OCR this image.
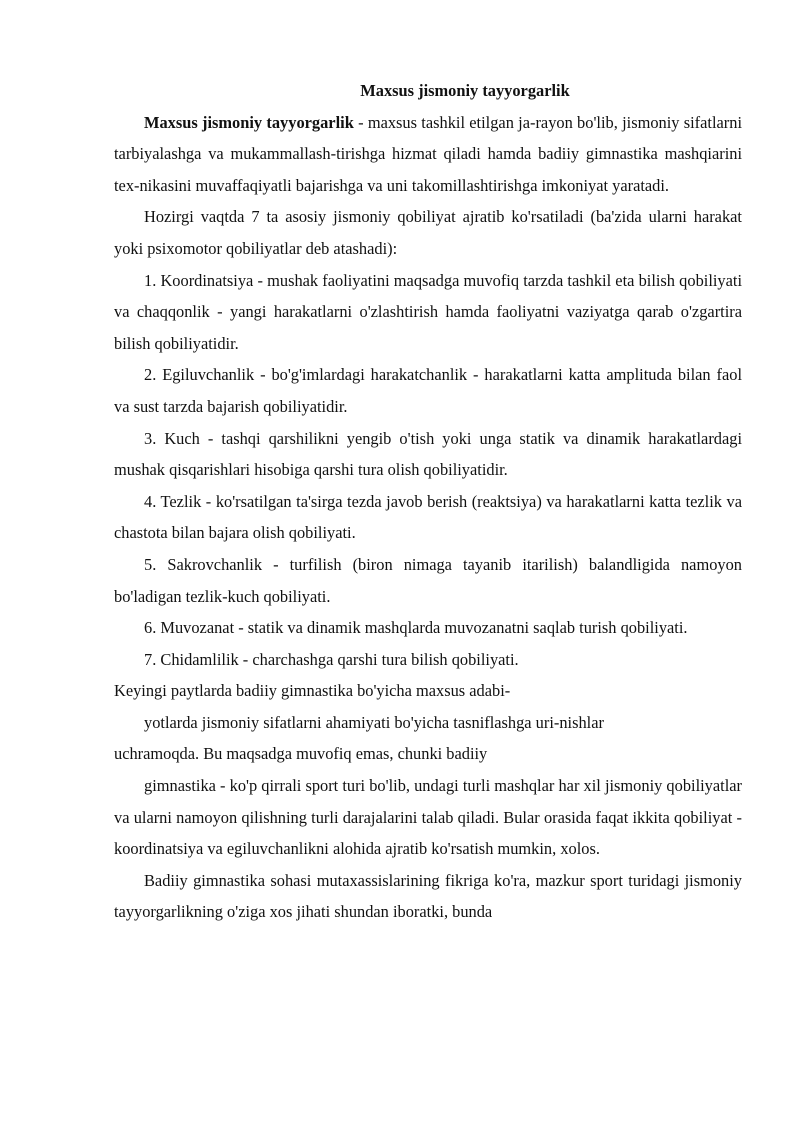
Maxsus jismoniy tayyorgarlik

Maxsus jismoniy tayyorgarlik - maxsus tashkil etilgan ja-rayon bo'lib, jismoniy sifatlarni tarbiyalashga va mukammallash-tirishga hizmat qiladi hamda badiiy gimnastika mashqiarini tex-nikasini muvaffaqiyatli bajarishga va uni takomillashtirishga imkoniyat yaratadi.

Hozirgi vaqtda 7 ta asosiy jismoniy qobiliyat ajratib ko'rsatiladi (ba'zida ularni harakat yoki psixomotor qobiliyatlar deb atashadi):

1. Koordinatsiya - mushak faoliyatini maqsadga muvofiq tarzda tashkil eta bilish qobiliyati va chaqqonlik - yangi harakatlarni o'zlashtirish hamda faoliyatni vaziyatga qarab o'zgartira bilish qobiliyatidir.

2. Egiluvchanlik - bo'g'imlardagi harakatchanlik - harakatlarni katta amplituda bilan faol va sust tarzda bajarish qobiliyatidir.

3. Kuch - tashqi qarshilikni yengib o'tish yoki unga statik va dinamik harakatlardagi mushak qisqarishlari hisobiga qarshi tura olish qobiliyatidir.

4. Tezlik - ko'rsatilgan ta'sirga tezda javob berish (reaktsiya) va harakatlarni katta tezlik va chastota bilan bajara olish qobiliyati.

5. Sakrovchanlik - turfilish (biron nimaga tayanib itarilish) balandligida namoyon bo'ladigan tezlik-kuch qobiliyati.

6. Muvozanat - statik va dinamik mashqlarda muvozanatni saqlab turish qobiliyati.

7. Chidamlilik - charchashga qarshi tura bilish qobiliyati.

Keyingi paytlarda badiiy gimnastika bo'yicha maxsus adabi-

yotlarda jismoniy sifatlarni ahamiyati bo'yicha tasniflashga uri-nishlar

uchramoqda. Bu maqsadga muvofiq emas, chunki badiiy

gimnastika - ko'p qirrali sport turi bo'lib, undagi turli mashqlar har xil jismoniy qobiliyatlar va ularni namoyon qilishning turli darajalarini talab qiladi. Bular orasida faqat ikkita qobiliyat - koordinatsiya va egiluvchanlikni alohida ajratib ko'rsatish mumkin, xolos.

Badiiy gimnastika sohasi mutaxassislarining fikriga ko'ra, mazkur sport turidagi jismoniy tayyorgarlikning o'ziga xos jihati shundan iboratki, bunda
